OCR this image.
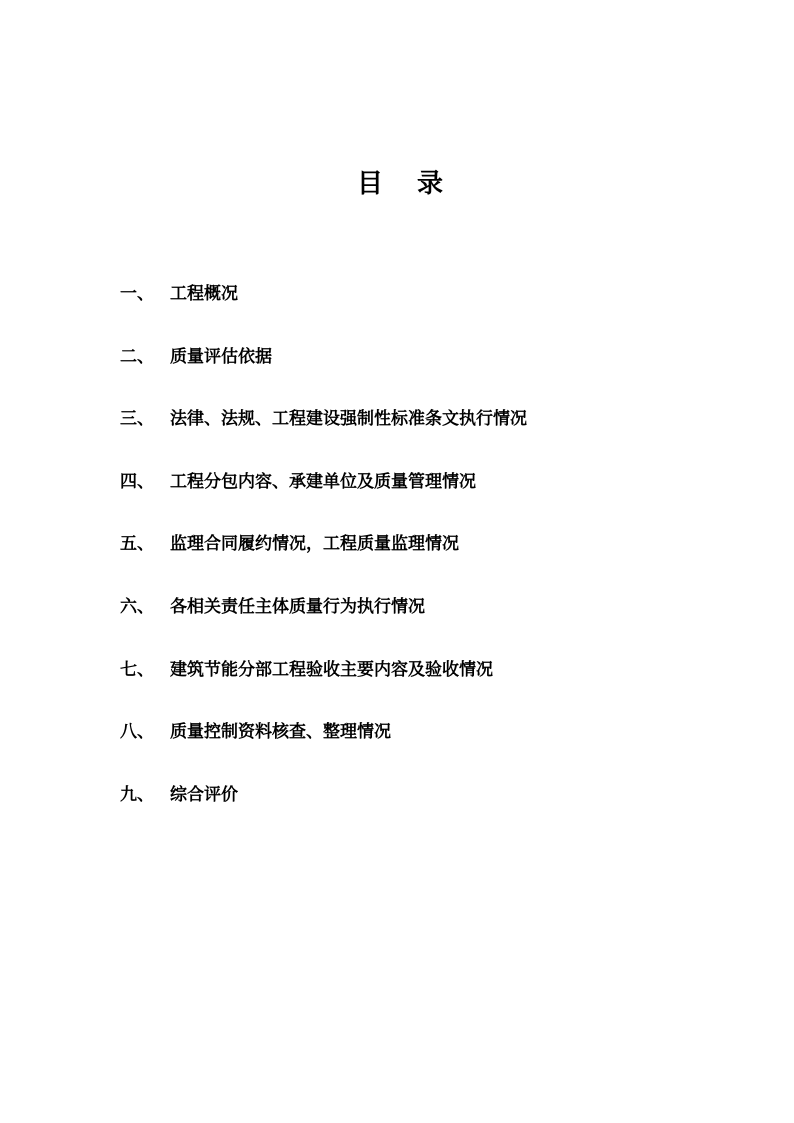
目录
一、 工程概况
二、 质量评估依据
三、 法律、法规、工程建设强制性标准条文执行情况
四、 工程分包内容、承建单位及质量管理情况
五、 监理合同履约情况，工程质量监理情况
六、 各相关责任主体质量行为执行情况
七、 建筑节能分部工程验收主要内容及验收情况
八、 质量控制资料核查、整理情况
九、 综合评价
